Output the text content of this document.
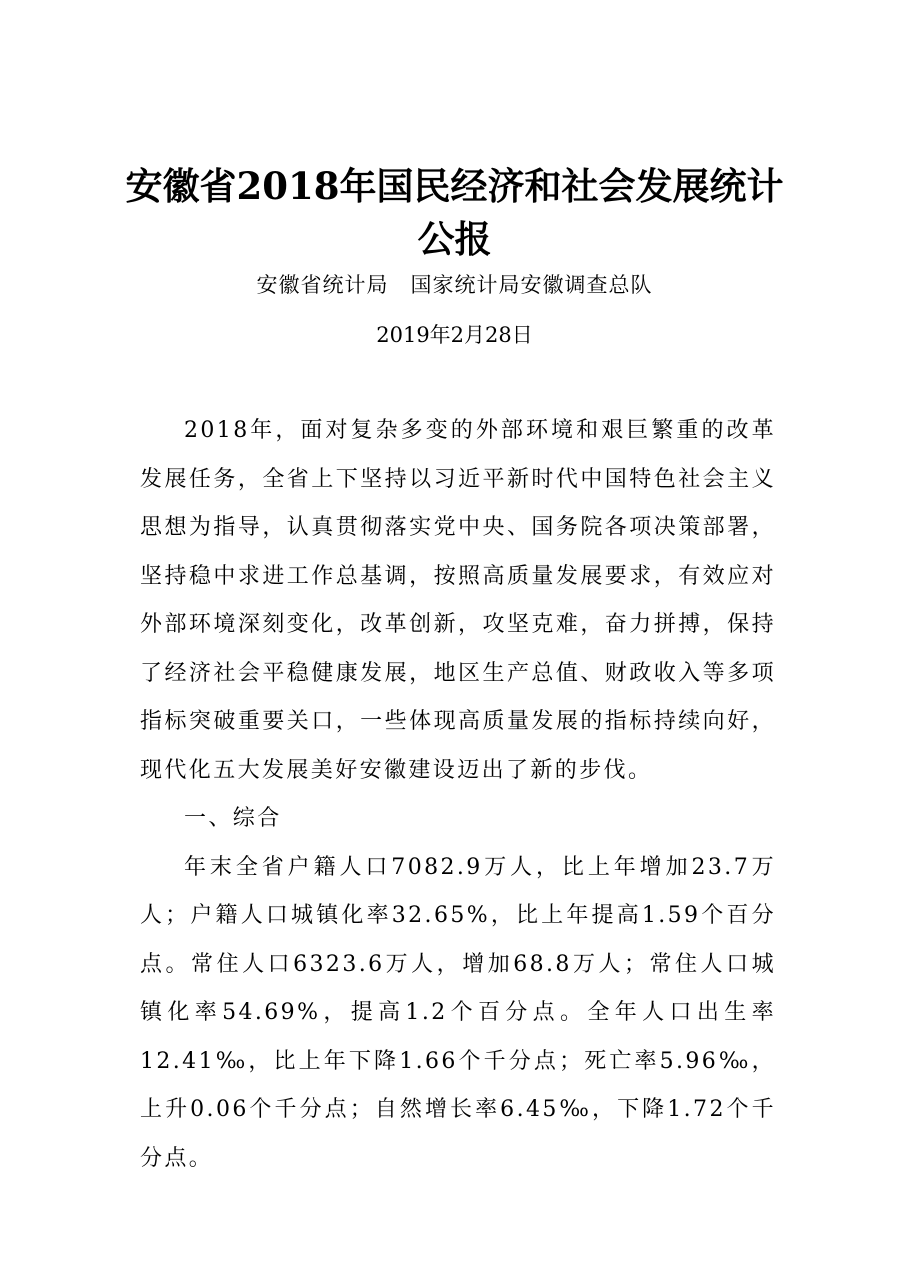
安徽省2018年国民经济和社会发展统计
公报

安徽省统计局　国家统计局安徽调查总队

2019年2月28日

2018年，面对复杂多变的外部环境和艰巨繁重的改革发展任务，全省上下坚持以习近平新时代中国特色社会主义思想为指导，认真贯彻落实党中央、国务院各项决策部署，坚持稳中求进工作总基调，按照高质量发展要求，有效应对外部环境深刻变化，改革创新，攻坚克难，奋力拼搏，保持了经济社会平稳健康发展，地区生产总值、财政收入等多项指标突破重要关口，一些体现高质量发展的指标持续向好，现代化五大发展美好安徽建设迈出了新的步伐。

一、综合

年末全省户籍人口7082.9万人，比上年增加23.7万人；户籍人口城镇化率32.65%，比上年提高1.59个百分点。常住人口6323.6万人，增加68.8万人；常住人口城镇化率54.69%，提高1.2个百分点。全年人口出生率12.41‰，比上年下降1.66个千分点；死亡率5.96‰，上升0.06个千分点；自然增长率6.45‰，下降1.72个千分点。
